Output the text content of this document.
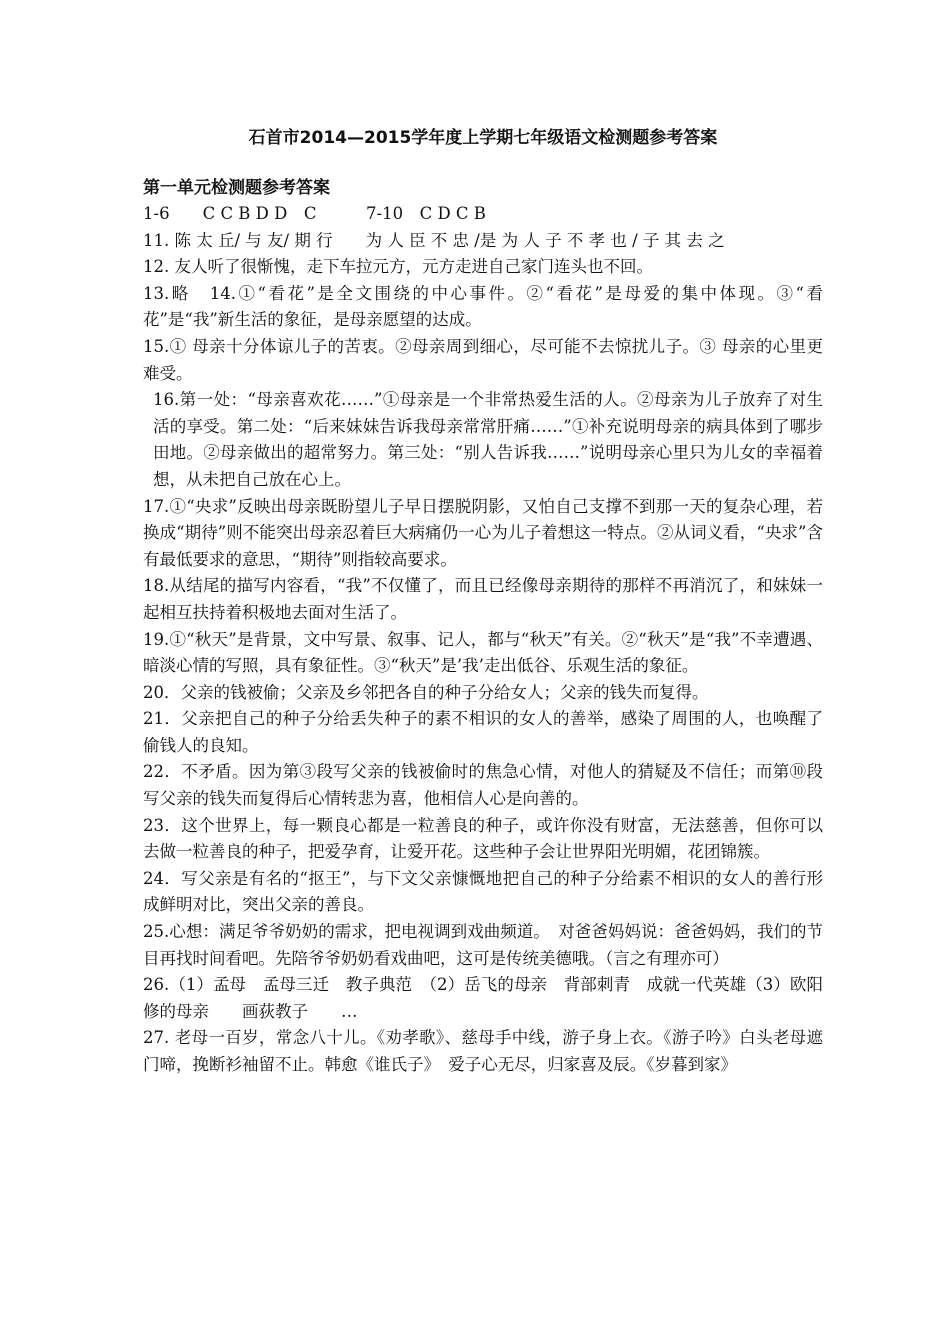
石首市2014—2015学年度上学期七年级语文检测题参考答案
第一单元检测题参考答案

1-6　　C C B D D　C　　　7-10　C D C B

11. 陈 太 丘/ 与 友/ 期 行　　为 人 臣 不 忠 /是 为 人 子 不 孝 也 / 子 其 去 之

12. 友人听了很惭愧，走下车拉元方，元方走进自己家门连头也不回。

13.略　14.①“看花”是全文围绕的中心事件。②“看花”是母爱的集中体现。③“看花”是“我”新生活的象征，是母亲愿望的达成。

15.① 母亲十分体谅儿子的苦衷。②母亲周到细心，尽可能不去惊扰儿子。③ 母亲的心里更难受。

16.第一处：“母亲喜欢花……”①母亲是一个非常热爱生活的人。②母亲为儿子放弃了对生活的享受。第二处：“后来妹妹告诉我母亲常常肝痛……”①补充说明母亲的病具体到了哪步田地。②母亲做出的超常努力。第三处：“别人告诉我……”说明母亲心里只为儿女的幸福着想，从未把自己放在心上。

17.①“央求”反映出母亲既盼望儿子早日摆脱阴影，又怕自己支撑不到那一天的复杂心理，若换成“期待”则不能突出母亲忍着巨大病痛仍一心为儿子着想这一特点。②从词义看，“央求”含有最低要求的意思，“期待”则指较高要求。

18.从结尾的描写内容看，“我”不仅懂了，而且已经像母亲期待的那样不再消沉了，和妹妹一起相互扶持着积极地去面对生活了。

19.①“秋天”是背景，文中写景、叙事、记人，都与“秋天”有关。②“秋天”是“我”不幸遭遇、暗淡心情的写照，具有象征性。③“秋天”是’我’走出低谷、乐观生活的象征。

20．父亲的钱被偷；父亲及乡邻把各自的种子分给女人；父亲的钱失而复得。

21．父亲把自己的种子分给丢失种子的素不相识的女人的善举，感染了周围的人，也唤醒了偷钱人的良知。

22．不矛盾。因为第③段写父亲的钱被偷时的焦急心情，对他人的猜疑及不信任；而第⑩段写父亲的钱失而复得后心情转悲为喜，他相信人心是向善的。

23．这个世界上，每一颗良心都是一粒善良的种子，或许你没有财富，无法慈善，但你可以去做一粒善良的种子，把爱孕育，让爱开花。这些种子会让世界阳光明媚，花团锦簇。

24．写父亲是有名的“抠王”，与下文父亲慷慨地把自己的种子分给素不相识的女人的善行形成鲜明对比，突出父亲的善良。

25.心想：满足爷爷奶奶的需求，把电视调到戏曲频道。　对爸爸妈妈说：爸爸妈妈，我们的节目再找时间看吧。先陪爷爷奶奶看戏曲吧，这可是传统美德哦。（言之有理亦可）

26.（1）孟母　孟母三迁　教子典范　（2）岳飞的母亲　背部刺青　成就一代英雄（3）欧阳修的母亲　　画荻教子　　…

27. 老母一百岁，常念八十儿。《劝孝歌》、慈母手中线，游子身上衣。《游子吟》白头老母遮门啼，挽断衫袖留不止。韩愈《谁氏子》　爱子心无尽，归家喜及辰。《岁暮到家》
